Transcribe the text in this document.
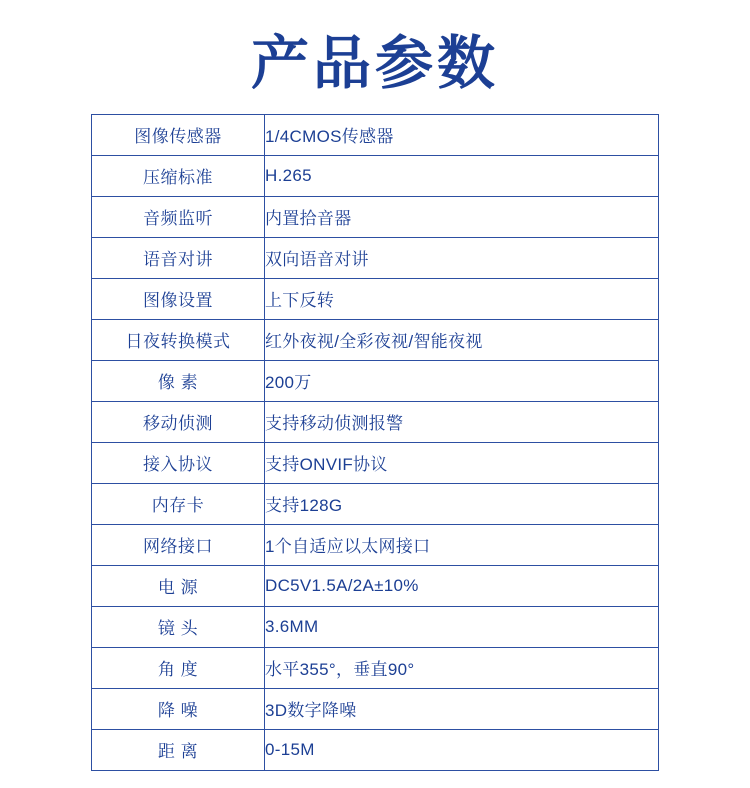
产品参数
图像传感器	1/4CMOS传感器
压缩标准	H.265
音频监听	内置拾音器
语音对讲	双向语音对讲
图像设置	上下反转
日夜转换模式	红外夜视/全彩夜视/智能夜视
像 素	200万
移动侦测	支持移动侦测报警
接入协议	支持ONVIF协议
内存卡	支持128G
网络接口	1个自适应以太网接口
电 源	DC5V1.5A/2A±10%
镜 头	3.6MM
角 度	水平355°，垂直90°
降 噪	3D数字降噪
距 离	0-15M
